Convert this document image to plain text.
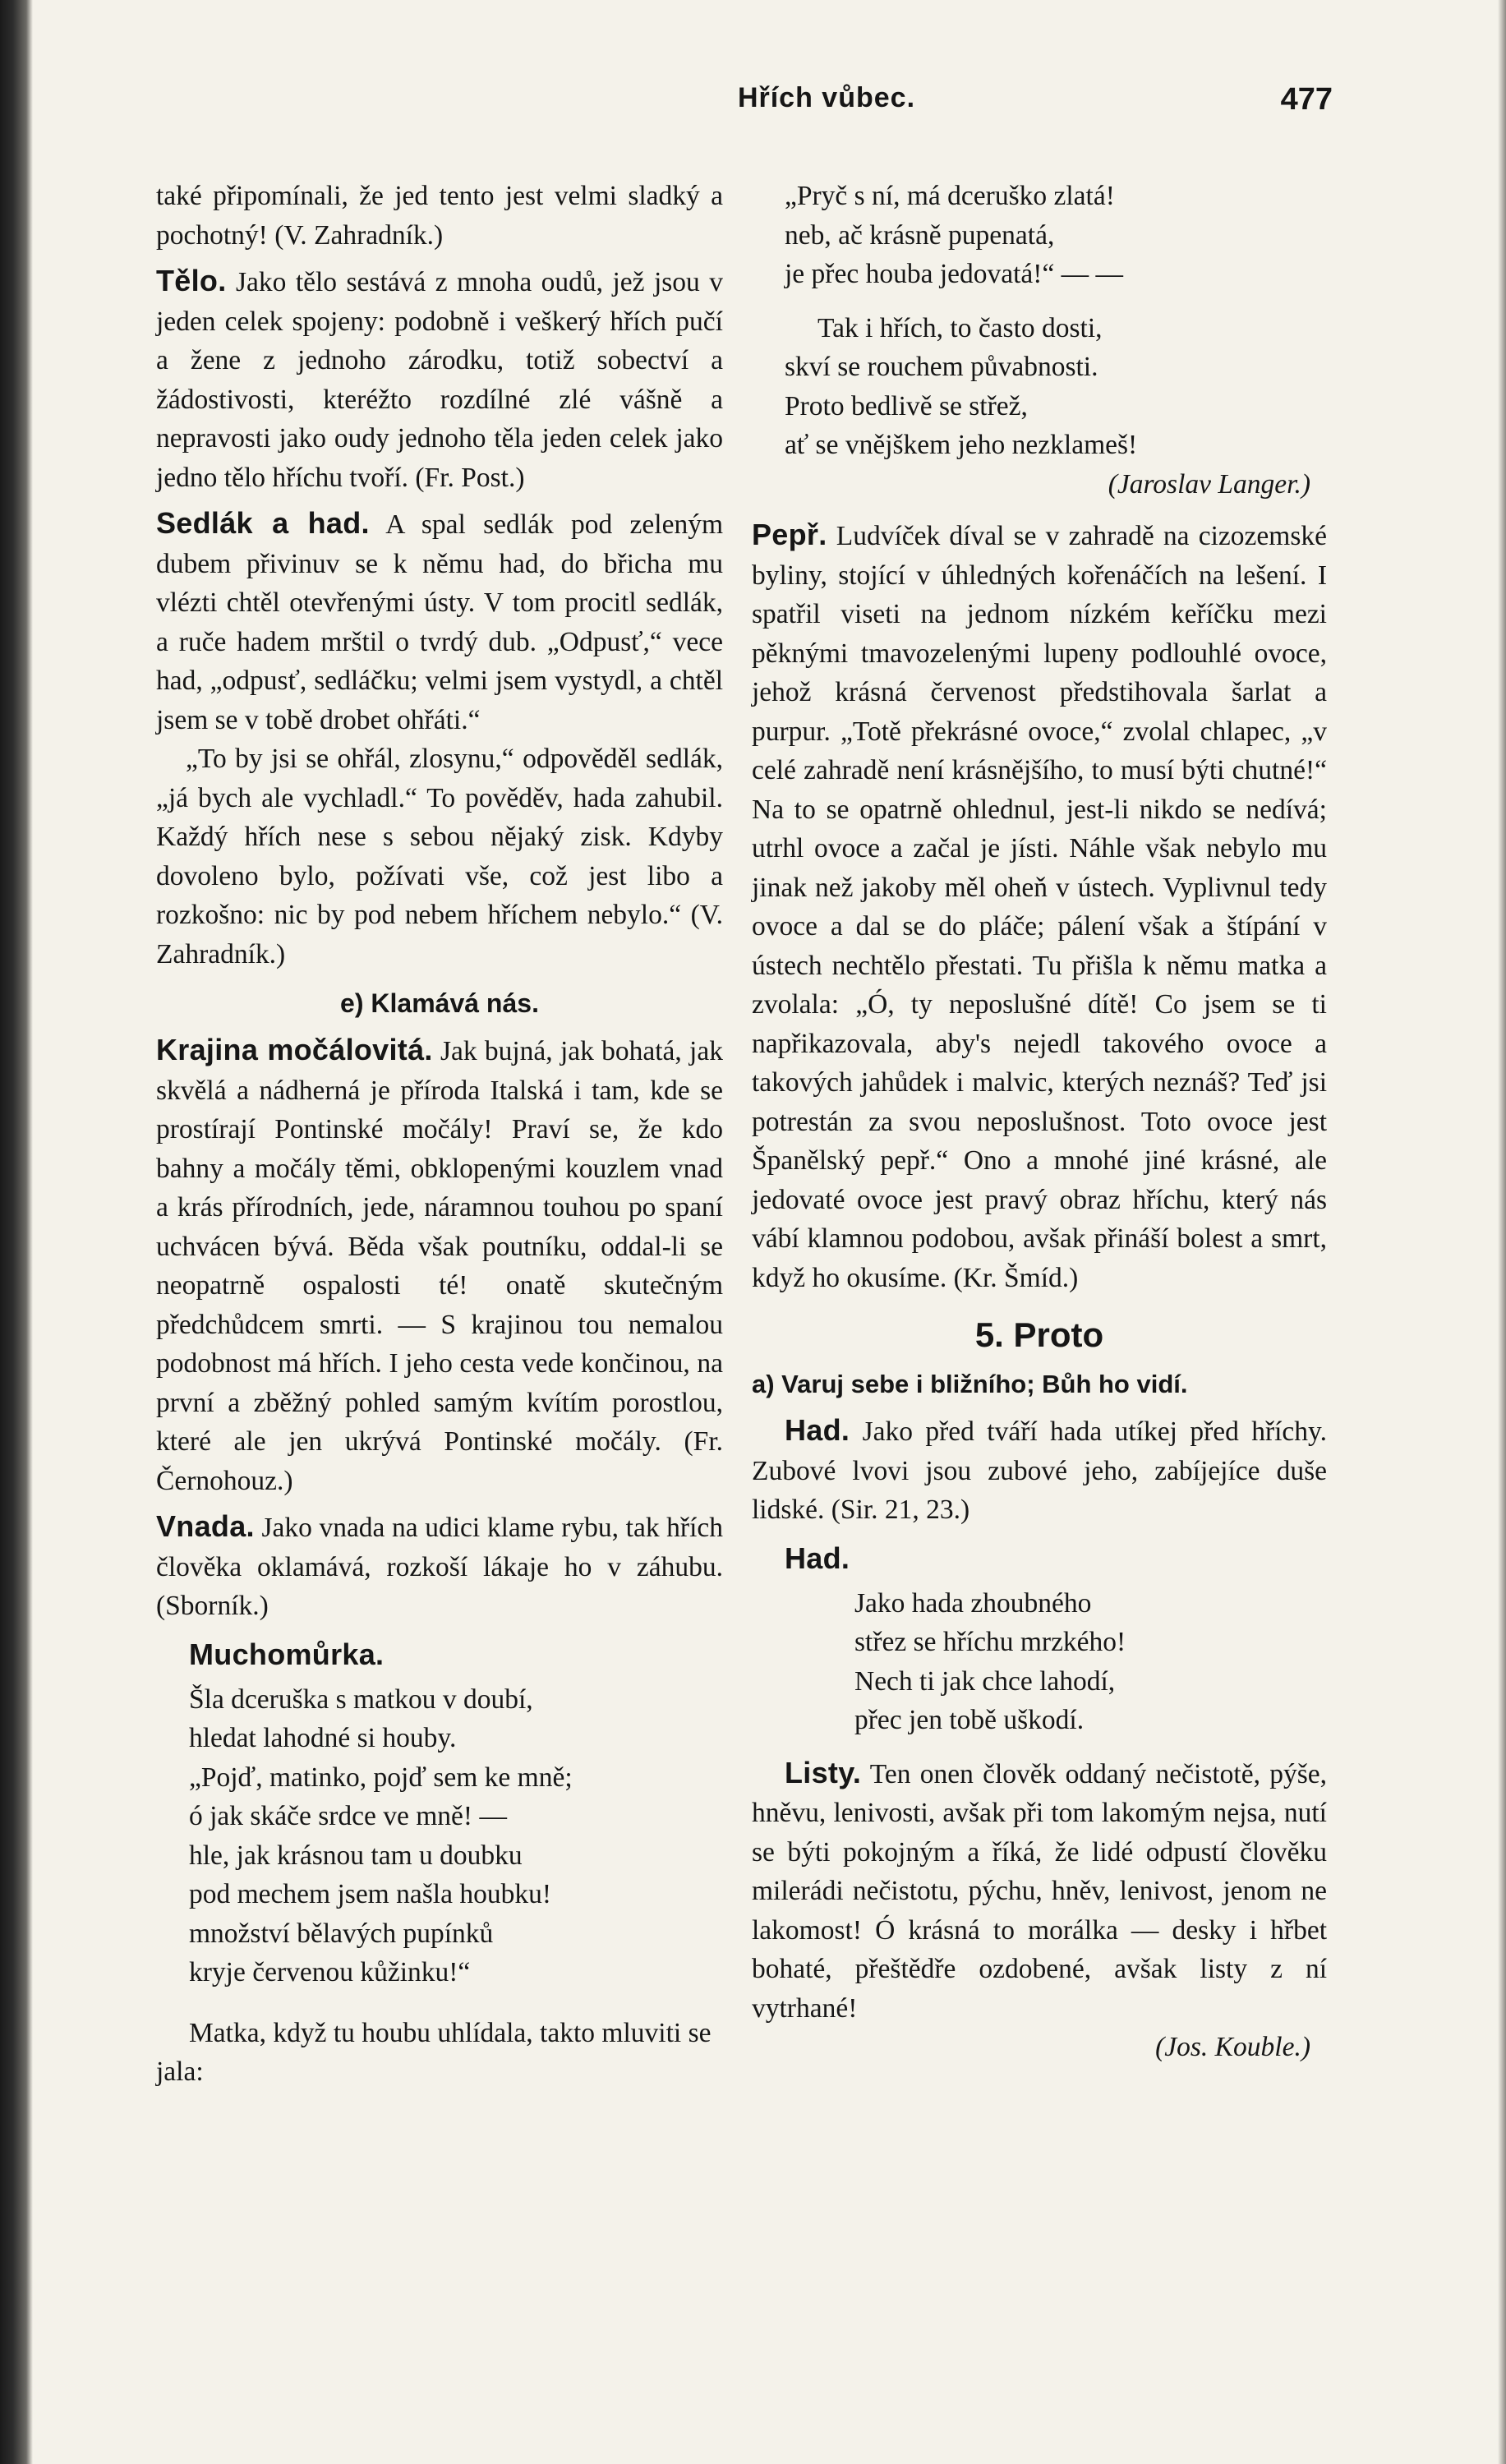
Hřích vůbec.	477

také připomínali, že jed tento jest velmi sladký a pochotný! (V. Zahradník.)

Tělo. Jako tělo sestává z mnoha oudů, jež jsou v jeden celek spojeny: podobně i veškerý hřích pučí a žene z jednoho zárodku, totiž sobectví a žádostivosti, kteréžto rozdílné zlé vášně a nepravosti jako oudy jednoho těla jeden celek jako jedno tělo hříchu tvoří. (Fr. Post.)

Sedlák a had. A spal sedlák pod zeleným dubem přivinuv se k němu had, do břicha mu vlézti chtěl otevřenými ústy. V tom procitl sedlák, a ruče hadem mrštil o tvrdý dub. „Odpusť,“ vece had, „odpusť, sedláčku; velmi jsem vystydl, a chtěl jsem se v tobě drobet ohřáti.“

„To by jsi se ohřál, zlosynu,“ odpověděl sedlák, „já bych ale vychladl.“ To pověděv, hada zahubil. Každý hřích nese s sebou nějaký zisk. Kdyby dovoleno bylo, požívati vše, což jest libo a rozkošno: nic by pod nebem hříchem nebylo.“ (V. Zahradník.)

e) Klamává nás.

Krajina močálovitá. Jak bujná, jak bohatá, jak skvělá a nádherná je příroda Italská i tam, kde se prostírají Pontinské močály! Praví se, že kdo bahny a močály těmi, obklopenými kouzlem vnad a krás přírodních, jede, náramnou touhou po spaní uchvácen bývá. Běda však poutníku, oddal-li se neopatrně ospalosti té! onatě skutečným předchůdcem smrti. — S krajinou tou nemalou podobnost má hřích. I jeho cesta vede končinou, na první a zběžný pohled samým kvítím porostlou, které ale jen ukrývá Pontinské močály. (Fr. Černohouz.)

Vnada. Jako vnada na udici klame rybu, tak hřích člověka oklamává, rozkoší lákaje ho v záhubu. (Sborník.)

Muchomůrka.

Šla dceruška s matkou v doubí,

hledat lahodné si houby.

„Pojď, matinko, pojď sem ke mně;

ó jak skáče srdce ve mně! —

hle, jak krásnou tam u doubku

pod mechem jsem našla houbku!

množství bělavých pupínků

kryje červenou kůžinku!“

Matka, když tu houbu uhlídala, takto mluviti se jala:

„Pryč s ní, má dceruško zlatá!

neb, ač krásně pupenatá,

je přec houba jedovatá!“ — —

Tak i hřích, to často dosti,

skví se rouchem půvabnosti.

Proto bedlivě se střež,

ať se vnějškem jeho nezklameš!

(Jaroslav Langer.)

Pepř. Ludvíček díval se v zahradě na cizozemské byliny, stojící v úhledných kořenáčích na lešení. I spatřil viseti na jednom nízkém keříčku mezi pěknými tmavozelenými lupeny podlouhlé ovoce, jehož krásná červenost předstihovala šarlat a purpur. „Totě překrásné ovoce,“ zvolal chlapec, „v celé zahradě není krásnějšího, to musí býti chutné!“ Na to se opatrně ohlednul, jest-li nikdo se nedívá; utrhl ovoce a začal je jísti. Náhle však nebylo mu jinak než jakoby měl oheň v ústech. Vyplivnul tedy ovoce a dal se do pláče; pálení však a štípání v ústech nechtělo přestati. Tu přišla k němu matka a zvolala: „Ó, ty neposlušné dítě! Co jsem se ti napřikazovala, aby's nejedl takového ovoce a takových jahůdek i malvic, kterých neznáš? Teď jsi potrestán za svou neposlušnost. Toto ovoce jest Španělský pepř.“ Ono a mnohé jiné krásné, ale jedovaté ovoce jest pravý obraz hříchu, který nás vábí klamnou podobou, avšak přináší bolest a smrt, když ho okusíme. (Kr. Šmíd.)

5. Proto
a) Varuj sebe i bližního; Bůh ho vidí.

Had. Jako před tváří hada utíkej před hříchy. Zubové lvovi jsou zubové jeho, zabíjejíce duše lidské. (Sir. 21, 23.)

Had.

Jako hada zhoubného

střez se hříchu mrzkého!

Nech ti jak chce lahodí,

přec jen tobě uškodí.

Listy. Ten onen člověk oddaný nečistotě, pýše, hněvu, lenivosti, avšak při tom lakomým nejsa, nutí se býti pokojným a říká, že lidé odpustí člověku milerádi nečistotu, pýchu, hněv, lenivost, jenom ne lakomost! Ó krásná to morálka — desky i hřbet bohaté, přeštědře ozdobené, avšak listy z ní vytrhané!

(Jos. Kouble.)
